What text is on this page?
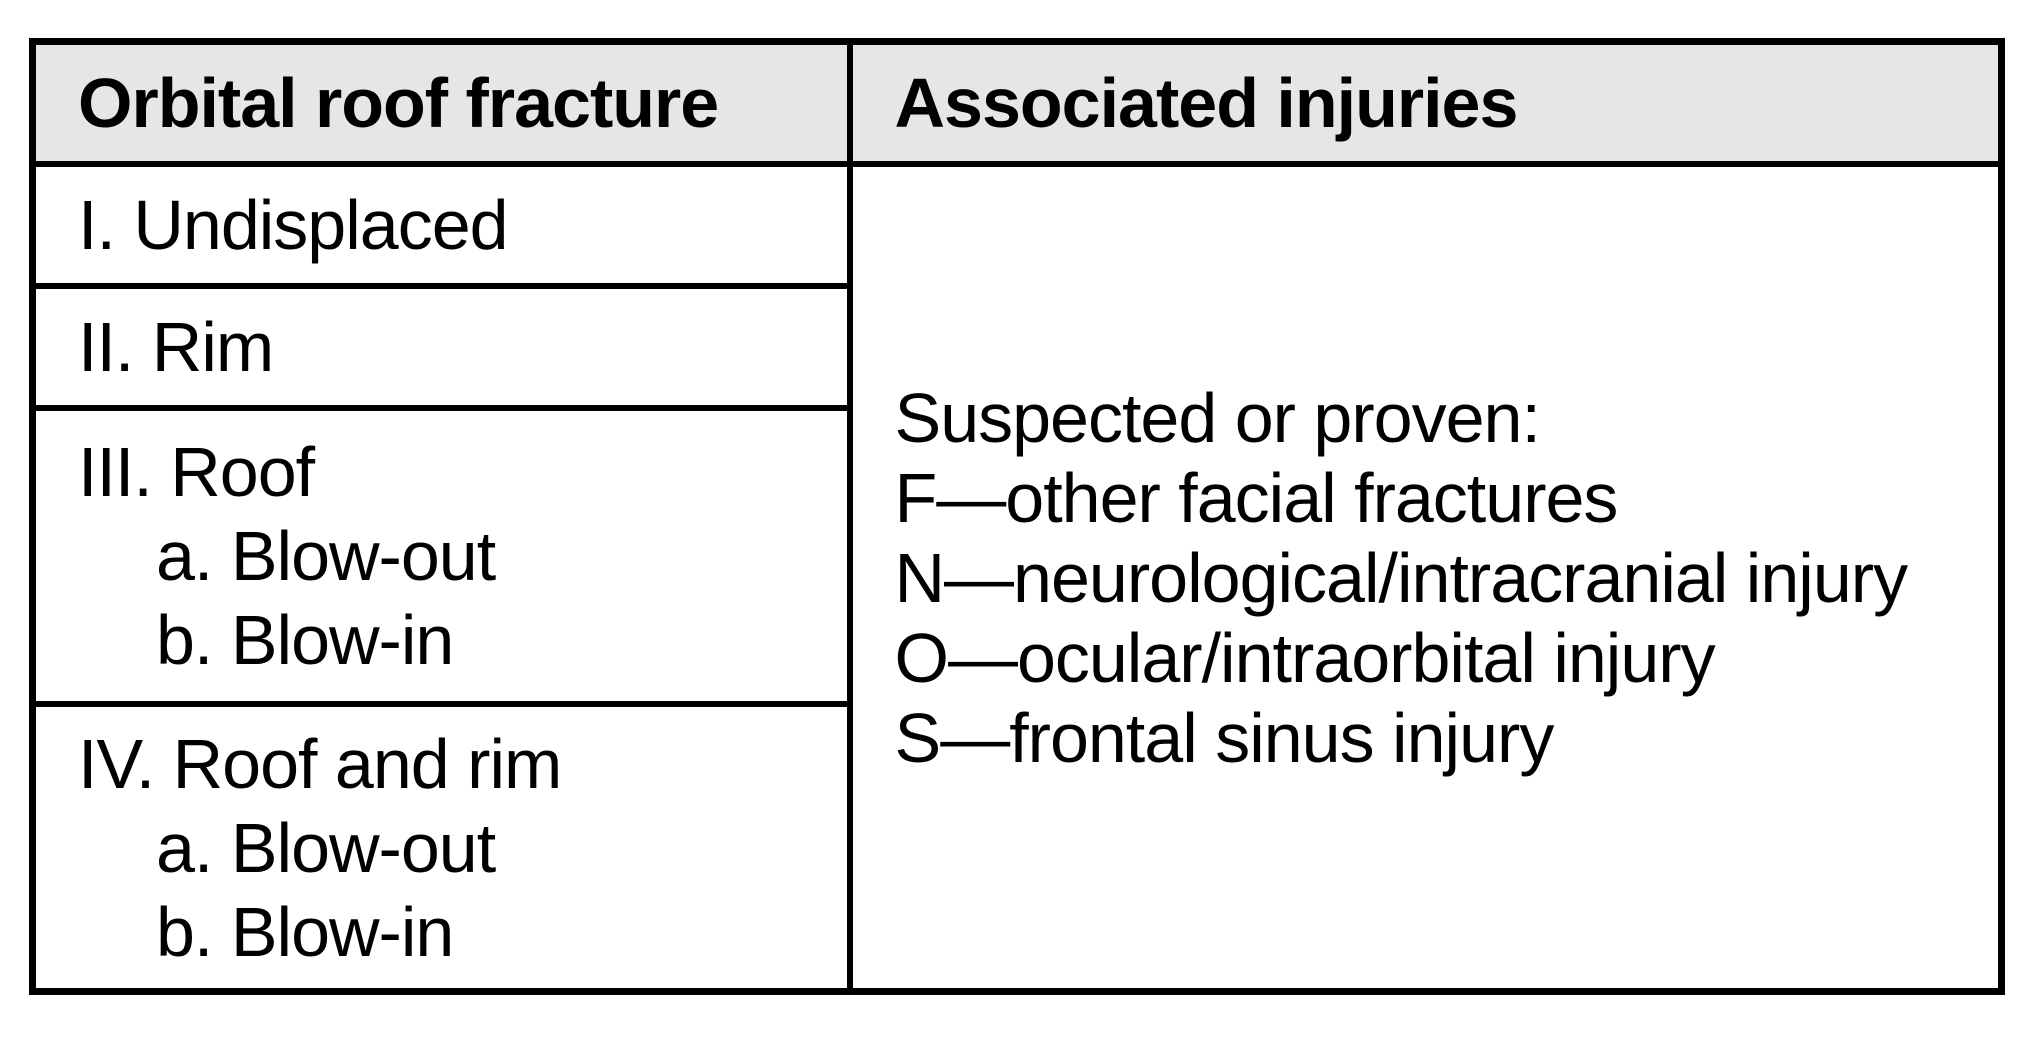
Orbital roof fracture	Associated injuries
I. Undisplaced	Suspected or proven:
F—other facial fractures
N—neurological/intracranial injury
O—ocular/intraorbital injury
S—frontal sinus injury

II. Rim	

III. Roof
a. Blow-out
b. Blow-in	

IV. Roof and rim
a. Blow-out
b. Blow-in	
